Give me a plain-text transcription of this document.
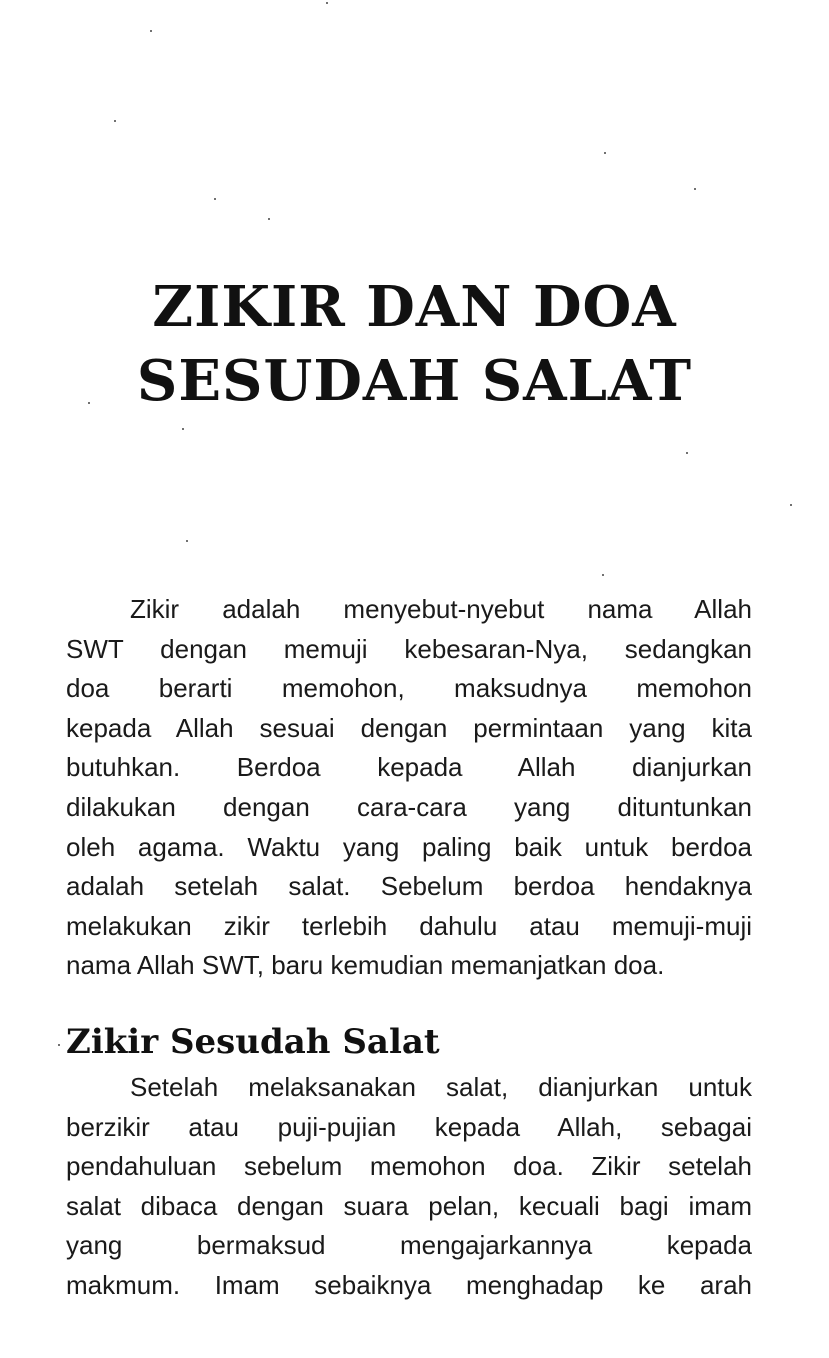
ZIKIR DAN DOA
SESUDAH SALAT
Zikir adalah menyebut-nyebut nama Allah
SWT dengan memuji kebesaran-Nya, sedangkan
doa berarti memohon, maksudnya memohon
kepada Allah sesuai dengan permintaan yang kita
butuhkan. Berdoa kepada Allah dianjurkan
dilakukan dengan cara-cara yang dituntunkan
oleh agama. Waktu yang paling baik untuk berdoa
adalah setelah salat. Sebelum berdoa hendaknya
melakukan zikir terlebih dahulu atau memuji-muji
nama Allah SWT, baru kemudian memanjatkan doa.
Zikir Sesudah Salat
Setelah melaksanakan salat, dianjurkan untuk
berzikir atau puji-pujian kepada Allah, sebagai
pendahuluan sebelum memohon doa. Zikir setelah
salat dibaca dengan suara pelan, kecuali bagi imam
yang bermaksud mengajarkannya kepada
makmum. Imam sebaiknya menghadap ke arah
